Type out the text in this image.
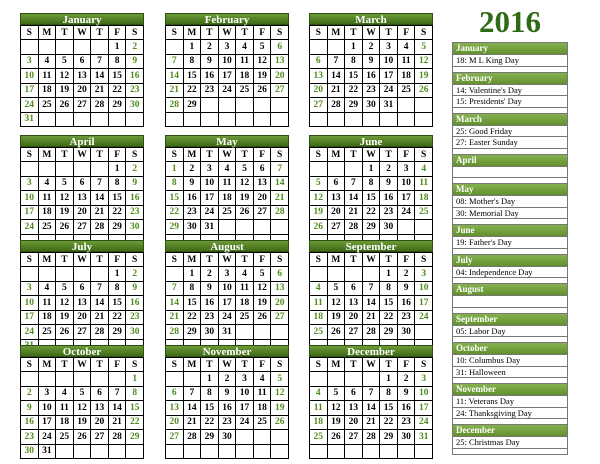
2016
January
S	M	T	W	T	F	S
					1	2
3	4	5	6	7	8	9
10	11	12	13	14	15	16
17	18	19	20	21	22	23
24	25	26	27	28	29	30
31						
February
S	M	T	W	T	F	S
	1	2	3	4	5	6
7	8	9	10	11	12	13
14	15	16	17	18	19	20
21	22	23	24	25	26	27
28	29					

March
S	M	T	W	T	F	S
		1	2	3	4	5
6	7	8	9	10	11	12
13	14	15	16	17	18	19
20	21	22	23	24	25	26
27	28	29	30	31		

April
S	M	T	W	T	F	S
					1	2
3	4	5	6	7	8	9
10	11	12	13	14	15	16
17	18	19	20	21	22	23
24	25	26	27	28	29	30

May
S	M	T	W	T	F	S
1	2	3	4	5	6	7
8	9	10	11	12	13	14
15	16	17	18	19	20	21
22	23	24	25	26	27	28
29	30	31				

June
S	M	T	W	T	F	S
			1	2	3	4
5	6	7	8	9	10	11
12	13	14	15	16	17	18
19	20	21	22	23	24	25
26	27	28	29	30		

July
S	M	T	W	T	F	S
					1	2
3	4	5	6	7	8	9
10	11	12	13	14	15	16
17	18	19	20	21	22	23
24	25	26	27	28	29	30

August
S	M	T	W	T	F	S
	1	2	3	4	5	6
7	8	9	10	11	12	13
14	15	16	17	18	19	20
21	22	23	24	25	26	27
28	29	30	31			

September
S	M	T	W	T	F	S
				1	2	3
4	5	6	7	8	9	10
11	12	13	14	15	16	17
18	19	20	21	22	23	24
25	26	27	28	29	30	

October
S	M	T	W	T	F	S
						1
2	3	4	5	6	7	8
9	10	11	12	13	14	15
16	17	18	19	20	21	22
23	24	25	26	27	28	29
30	31					
November
S	M	T	W	T	F	S
		1	2	3	4	5
6	7	8	9	10	11	12
13	14	15	16	17	18	19
20	21	22	23	24	25	26
27	28	29	30			

December
S	M	T	W	T	F	S
				1	2	3
4	5	6	7	8	9	10
11	12	13	14	15	16	17
18	19	20	21	22	23	24
25	26	27	28	29	30	31

January
18: M L King Day
February
14: Valentine's Day
15: Presidents' Day
March
25: Good Friday
27: Easter Sunday
April
May
08: Mother's Day
30: Memorial Day
June
19: Father's Day
July
04: Independence Day
August
September
05: Labor Day
October
10: Columbus Day
31: Halloween
November
11: Veterans Day
24: Thanksgiving Day
December
25: Christmas Day
